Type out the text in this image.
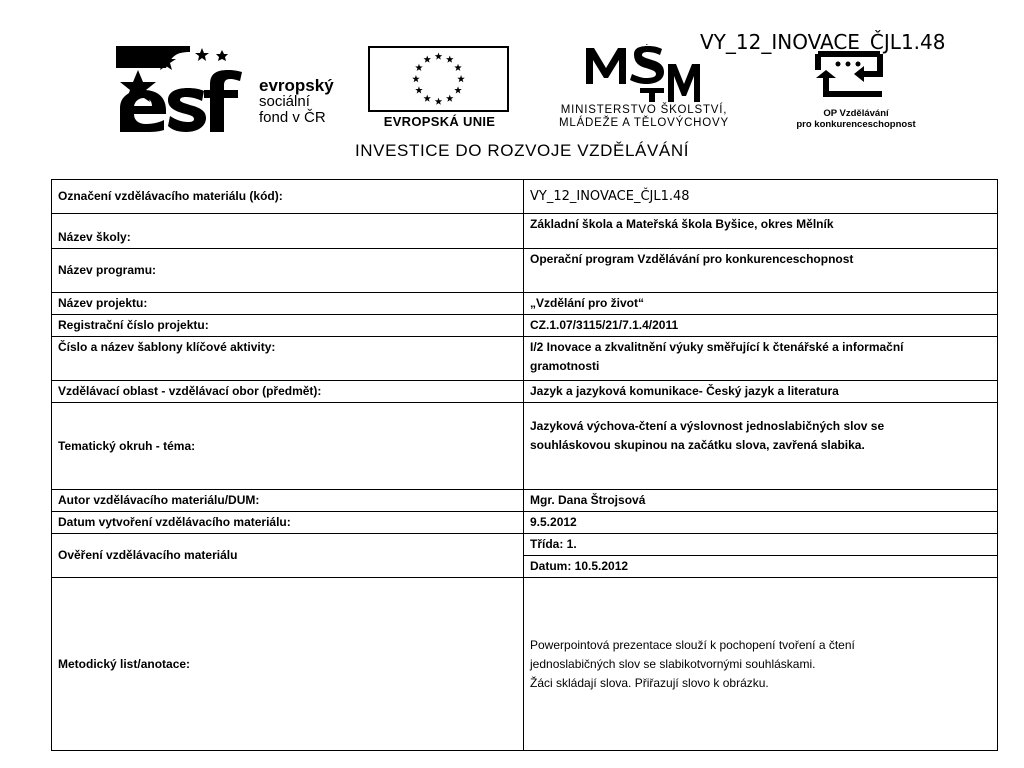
VY_12_INOVACE_ČJL1.48
evropský
sociální
fond v ČR	EVROPSKÁ UNIE
MINISTERSTVO ŠKOLSTVÍ,
MLÁDEŽE A TĚLOVÝCHOVY
OP Vzdělávání
pro konkurenceschopnost
INVESTICE DO ROZVOJE VZDĚLÁVÁNÍ
Označení vzdělávacího materiálu (kód):	VY_12_INOVACE_ČJL1.48
Název školy:	Základní škola a Mateřská škola Byšice, okres Mělník
Název programu:	Operační program Vzdělávání pro konkurenceschopnost
Název projektu:	„Vzdělání pro život“
Registrační číslo projektu:	CZ.1.07/3115/21/7.1.4/2011
Číslo a název šablony klíčové aktivity:	I/2 Inovace a zkvalitnění výuky směřující k čtenářské a informační
gramotnosti

Vzdělávací oblast - vzdělávací obor (předmět):	Jazyk a jazyková komunikace- Český jazyk a literatura
Tematický okruh - téma:	Jazyková výchova-čtení a výslovnost jednoslabičných slov se
souhláskovou skupinou na začátku slova, zavřená slabika.

Autor vzdělávacího materiálu/DUM:	Mgr. Dana Štrojsová
Datum vytvoření vzdělávacího materiálu:	9.5.2012
Ověření vzdělávacího materiálu	Třída: 1.
	Datum: 10.5.2012
Metodický list/anotace:	Powerpointová prezentace slouží k pochopení tvoření a čtení
jednoslabičných slov se slabikotvornými souhláskami.
Žáci skládají slova. Přiřazují slovo k obrázku.
